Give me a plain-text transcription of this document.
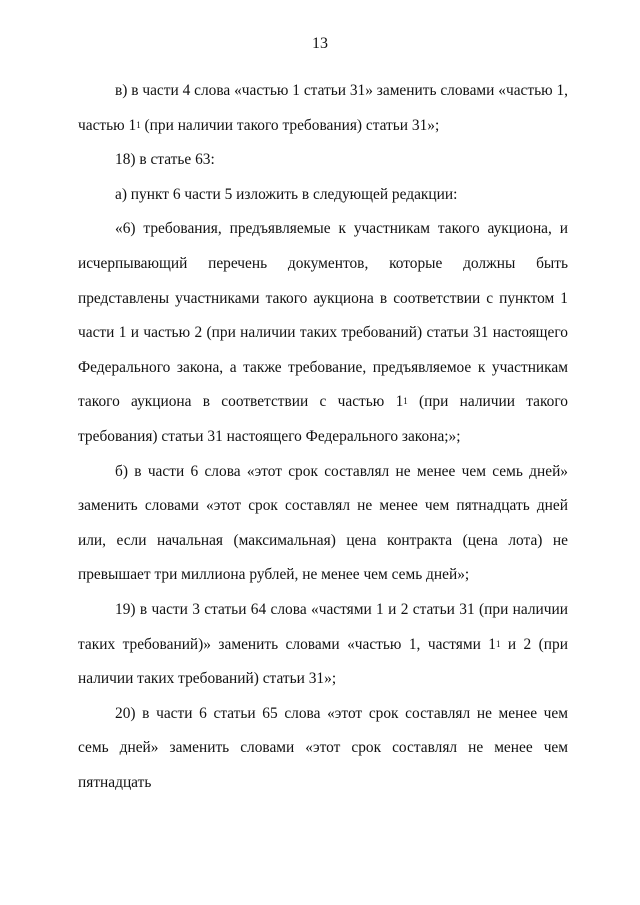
13

в) в части 4 слова «частью 1 статьи 31» заменить словами «частью 1, частью $1^1$ (при наличии такого требования) статьи 31»;

18) в статье 63:

а) пункт 6 части 5 изложить в следующей редакции:

«6) требования, предъявляемые к участникам такого аукциона, и исчерпывающий перечень документов, которые должны быть представлены участниками такого аукциона в соответствии с пунктом 1 части 1 и частью 2 (при наличии таких требований) статьи 31 настоящего Федерального закона, а также требование, предъявляемое к участникам такого аукциона в соответствии с частью $1^1$ (при наличии такого требования) статьи 31 настоящего Федерального закона;»;

б) в части 6 слова «этот срок составлял не менее чем семь дней» заменить словами «этот срок составлял не менее чем пятнадцать дней или, если начальная (максимальная) цена контракта (цена лота) не превышает три миллиона рублей, не менее чем семь дней»;

19) в части 3 статьи 64 слова «частями 1 и 2 статьи 31 (при наличии таких требований)» заменить словами «частью 1, частями $1^1$ и 2 (при наличии таких требований) статьи 31»;

20) в части 6 статьи 65 слова «этот срок составлял не менее чем семь дней» заменить словами «этот срок составлял не менее чем пятнадцать
